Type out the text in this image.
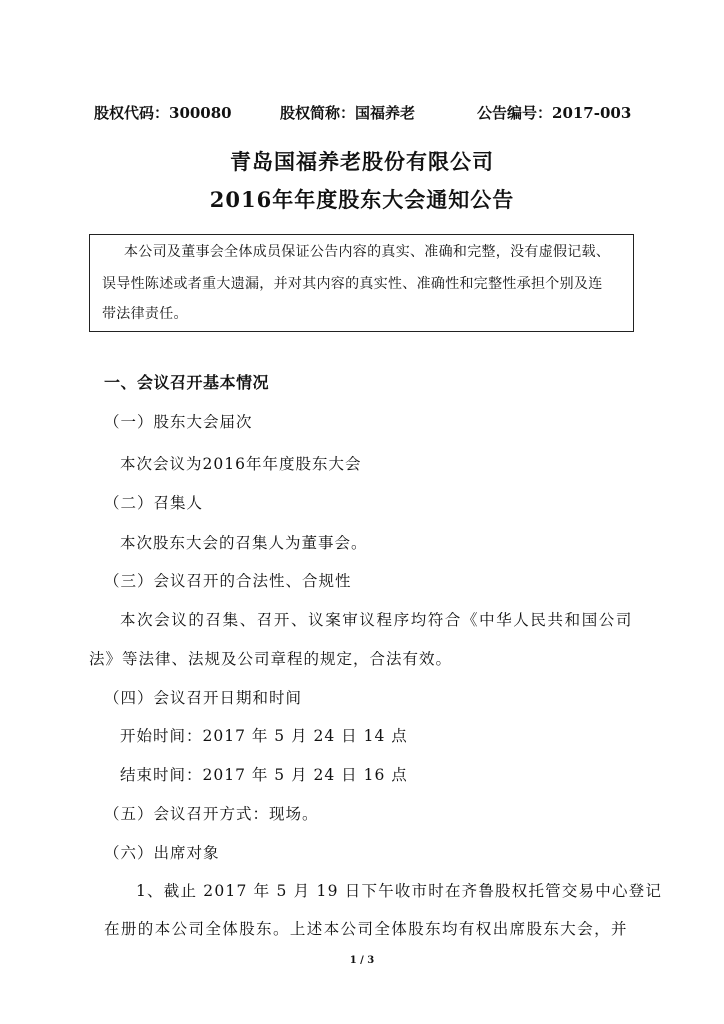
股权代码：300080	股权简称：国福养老	公告编号：2017-003
青岛国福养老股份有限公司
2016年年度股东大会通知公告
本公司及董事会全体成员保证公告内容的真实、准确和完整，没有虚假记载、
误导性陈述或者重大遗漏，并对其内容的真实性、准确性和完整性承担个别及连
带法律责任。
一、会议召开基本情况
（一）股东大会届次
本次会议为2016年年度股东大会
（二）召集人
本次股东大会的召集人为董事会。
（三）会议召开的合法性、合规性
本次会议的召集、召开、议案审议程序均符合《中华人民共和国公司
法》等法律、法规及公司章程的规定，合法有效。
（四）会议召开日期和时间
开始时间：2017 年 5 月 24 日 14 点
结束时间：2017 年 5 月 24 日 16 点
（五）会议召开方式：现场。
（六）出席对象
1、截止 2017 年 5 月 19 日下午收市时在齐鲁股权托管交易中心登记
在册的本公司全体股东。上述本公司全体股东均有权出席股东大会，并
1 / 3
